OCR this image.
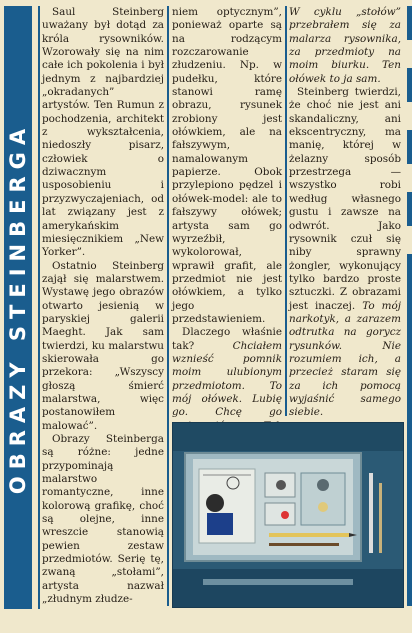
OBRAZY STEINBERGA

Saul Steinberg uważany był dotąd za króla rysowników. Wzorowały się na nim całe ich pokolenia i był jednym z najbardziej „okradanych” artystów. Ten Rumun z pochodzenia, architekt z wykształcenia, niedoszły pisarz, człowiek o dziwacznym usposobieniu i przyzwyczajeniach, od lat związany jest z amerykańskim miesięcznikiem „New Yorker”.

Ostatnio Steinberg zajął się malarstwem. Wystawę jego obrazów otwarto jesienią w paryskiej galerii Maeght. Jak sam twierdzi, ku malarstwu skierowała go przekora: „Wszyscy głoszą śmierć malarstwa, więc postanowiłem malować”.

Obrazy Steinberga są różne: jedne przypominają malarstwo romantyczne, inne kolorową grafikę, choć są olejne, inne wreszcie stanowią pewien zestaw przedmiotów. Serię tę, zwaną „stołami”, artysta nazwał „złudnym złudze-

niem optycznym”, ponieważ oparte są na rodzącym rozczarowanie złudzeniu. Np. w pudełku, które stanowi ramę obrazu, rysunek zrobiony jest ołówkiem, ale na fałszywym, namalowanym papierze. Obok przylepiono pędzel i ołówek-model: ale to fałszywy ołówek; artysta sam go wyrzeźbił, wykolorował, wprawił grafit, ale przedmiot nie jest ołówkiem, a tylko jego przedstawieniem.

Dlaczego właśnie tak? Chciałem wznieść pomnik moim ulubionym przedmiotom. To mój ołówek. Lubię go. Chcę go

W cyklu „stołów” przebrałem się za malarza rysownika, za przedmioty na moim biurku. Ten ołówek to ja sam.

Steinberg twierdzi, że choć nie jest ani skandaliczny, ani ekscentryczny, ma manię, której w żelazny sposób przestrzega — wszystko robi według własnego gustu i zawsze na odwrót. Jako rysownik czuł się niby sprawny żongler, wykonujący tylko bardzo proste sztuczki. Z obrazami jest inaczej. To mój narkotyk, a zarazem odtrutka na gorycz rysunków. Nie rozumiem ich, a przecież staram się za ich pomocą wyjaśnić samego siebie.
